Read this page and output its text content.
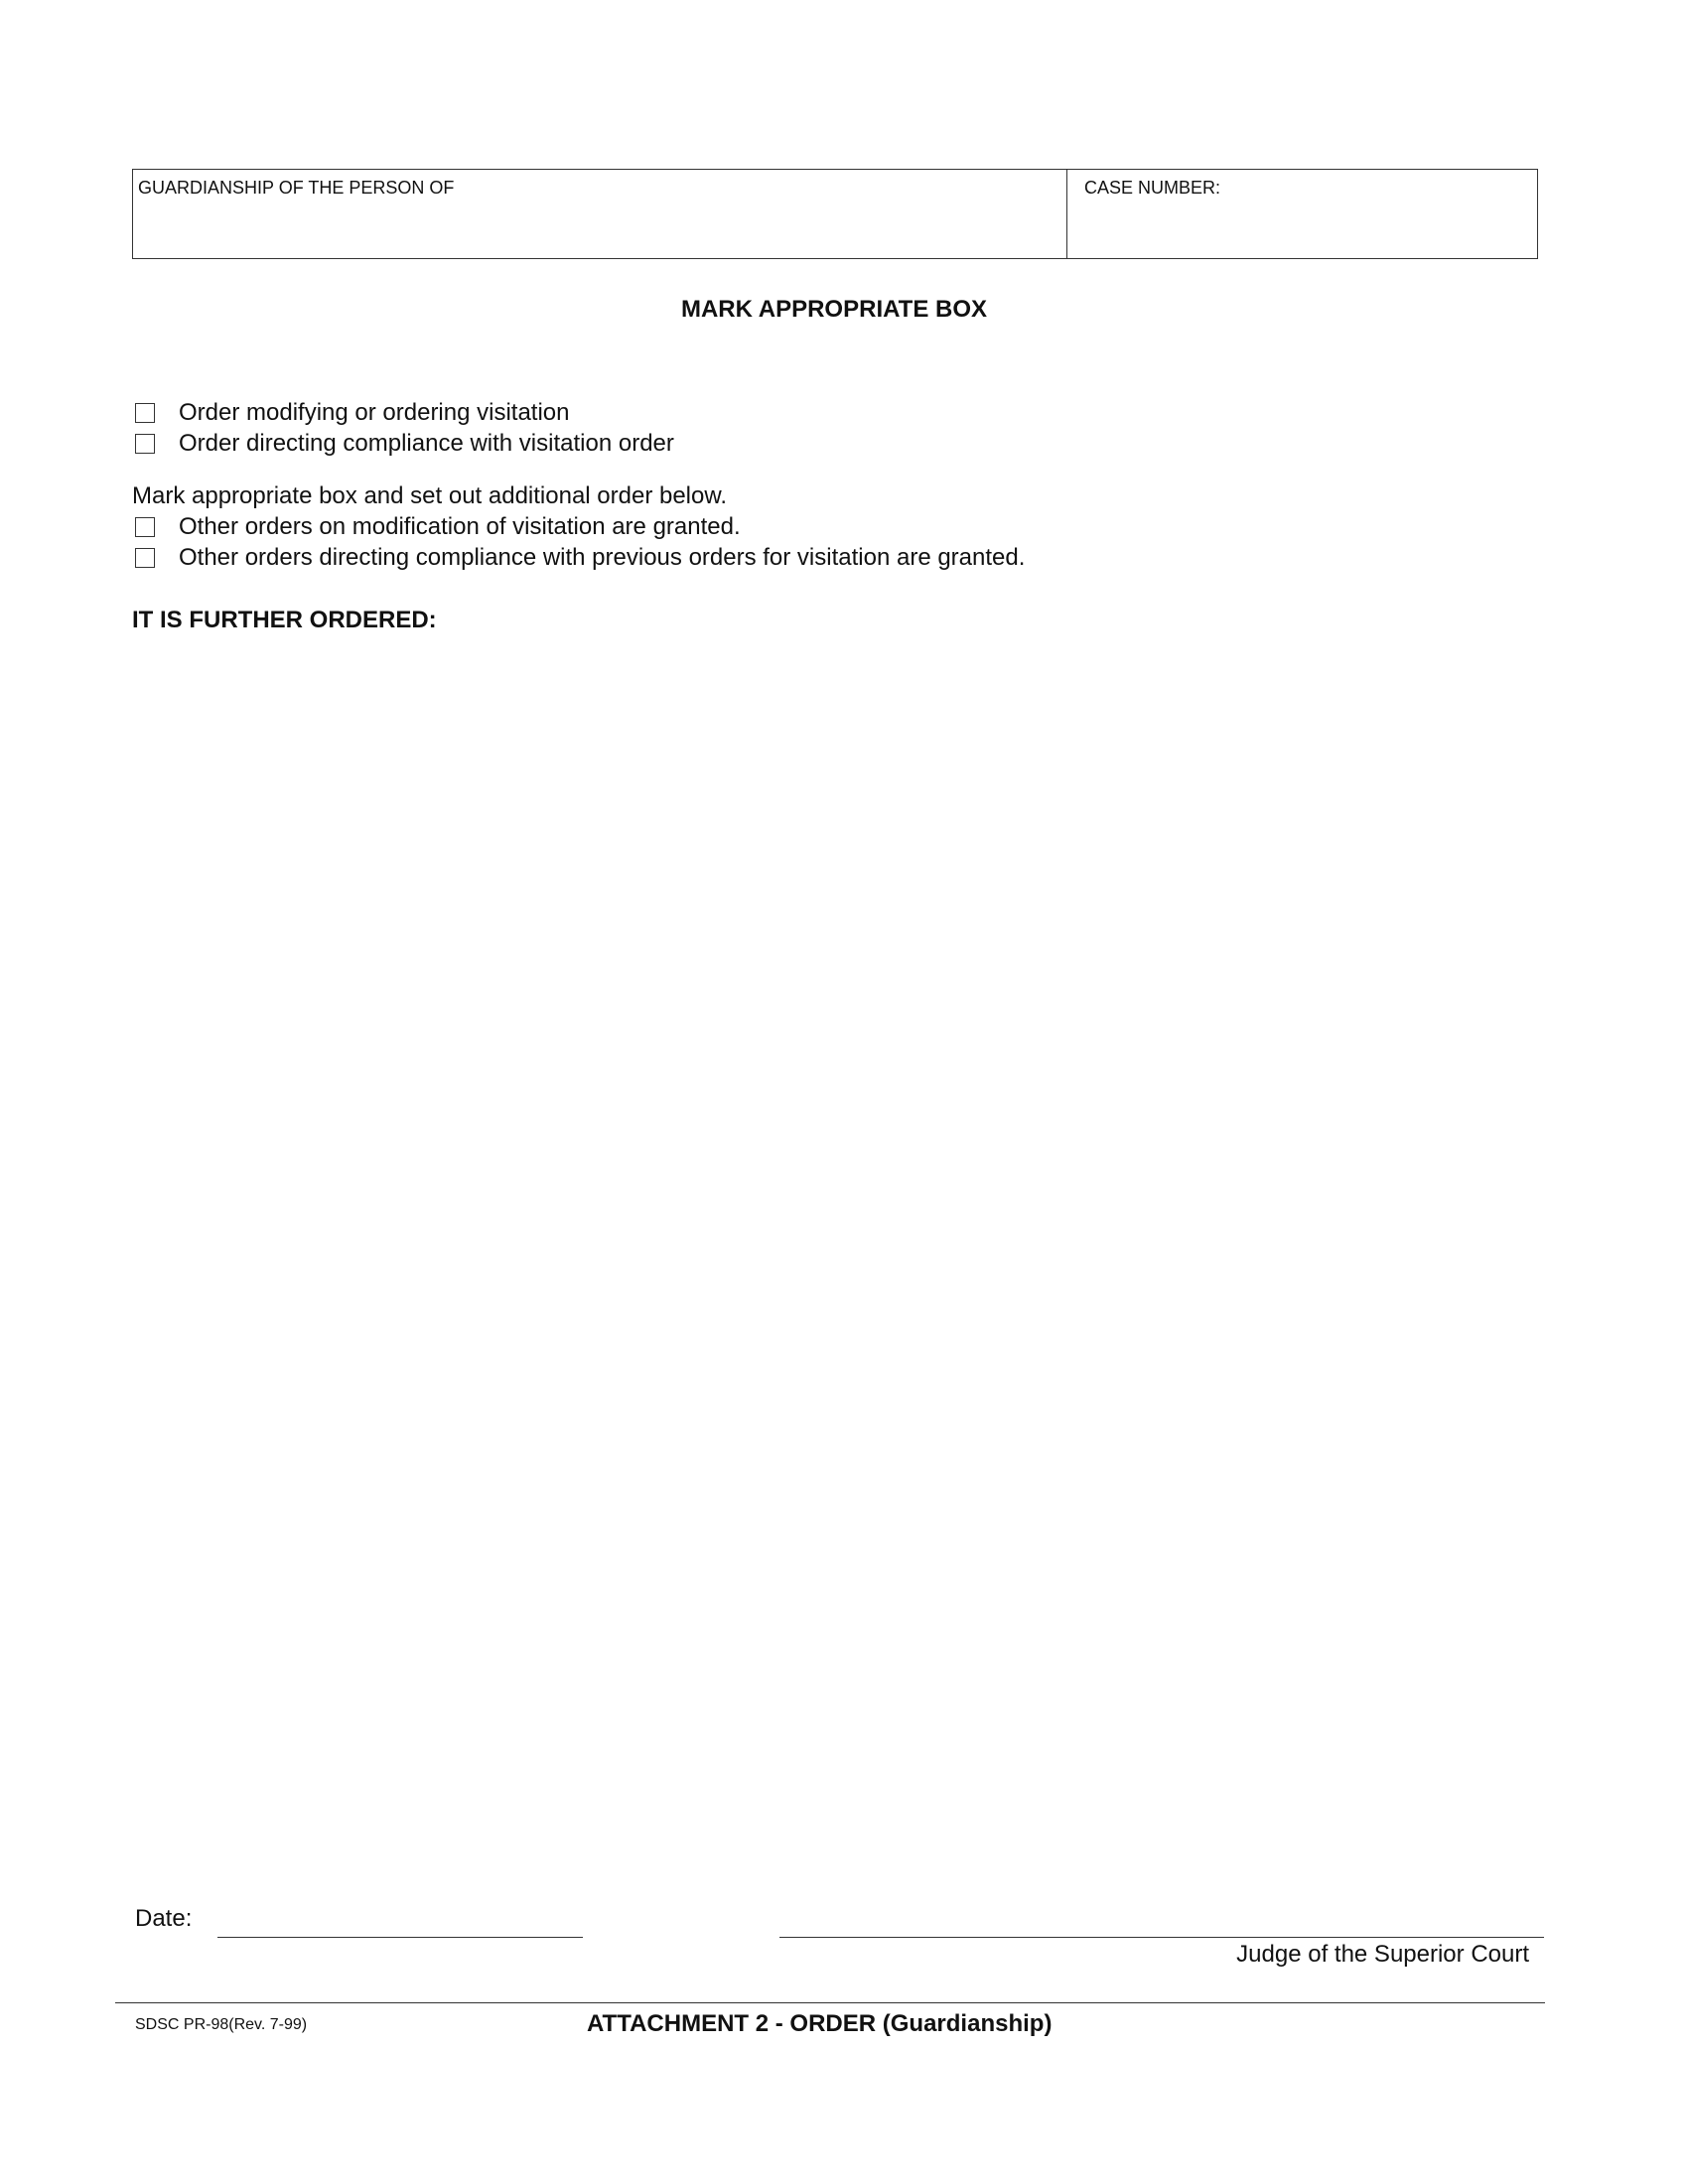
GUARDIANSHIP OF THE PERSON OF	CASE NUMBER:
MARK APPROPRIATE BOX
Order modifying or ordering visitation
Order directing compliance with visitation order
Mark appropriate box and set out additional order below.
Other orders on modification of visitation are granted.
Other orders directing compliance with previous orders for visitation are granted.
IT IS FURTHER ORDERED:
Date:
Judge of the Superior Court
SDSC PR-98(Rev. 7-99)	ATTACHMENT 2 - ORDER (Guardianship)
